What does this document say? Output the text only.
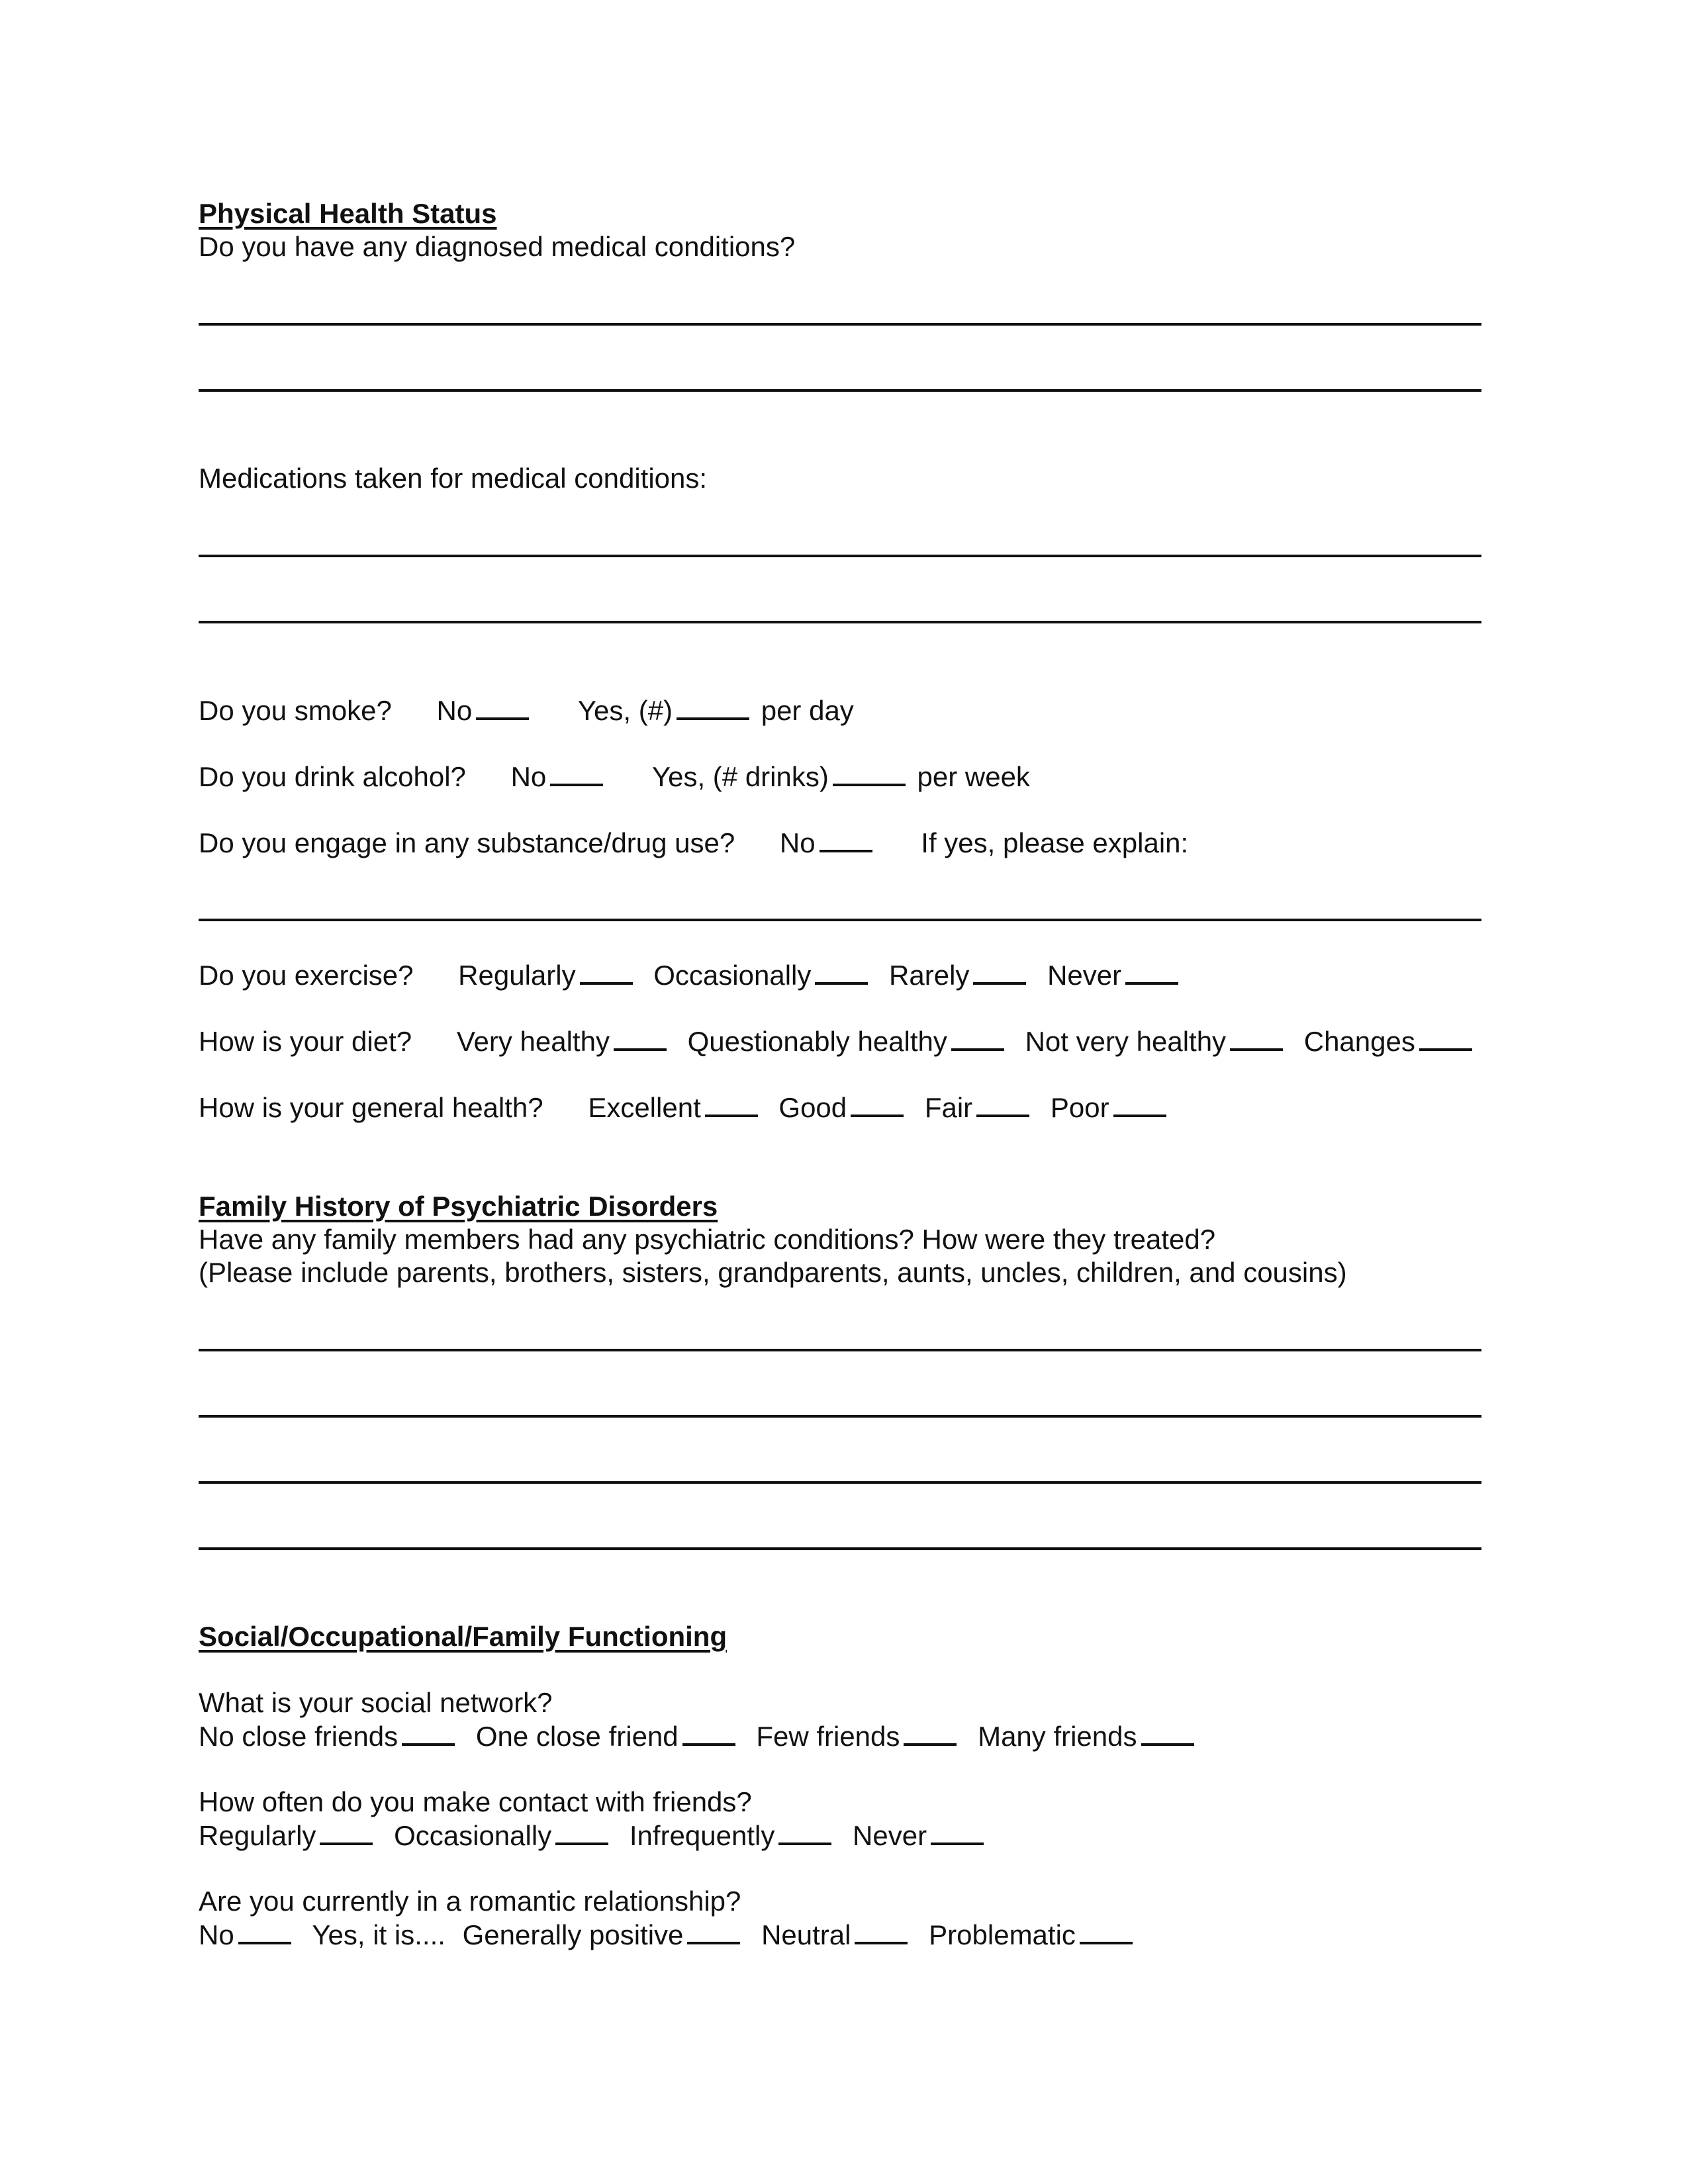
Physical Health Status
Do you have any diagnosed medical conditions?
Medications taken for medical conditions:
Do you smoke? No	Yes, (#)	per day
Do you drink alcohol? No	Yes, (# drinks)	per week
Do you engage in any substance/drug use? No	If yes, please explain:
Do you exercise? Regularly	Occasionally	Rarely	Never
How is your diet? Very healthy	Questionably healthy	Not very healthy	Changes
How is your general health? Excellent	Good	Fair	Poor
Family History of Psychiatric Disorders
Have any family members had any psychiatric conditions? How were they treated?
(Please include parents, brothers, sisters, grandparents, aunts, uncles, children, and cousins)
Social/Occupational/Family Functioning
What is your social network?
No close friends	One close friend	Few friends	Many friends
How often do you make contact with friends?
Regularly	Occasionally	Infrequently	Never
Are you currently in a romantic relationship?
No	Yes, it is.... Generally positive	Neutral	Problematic
